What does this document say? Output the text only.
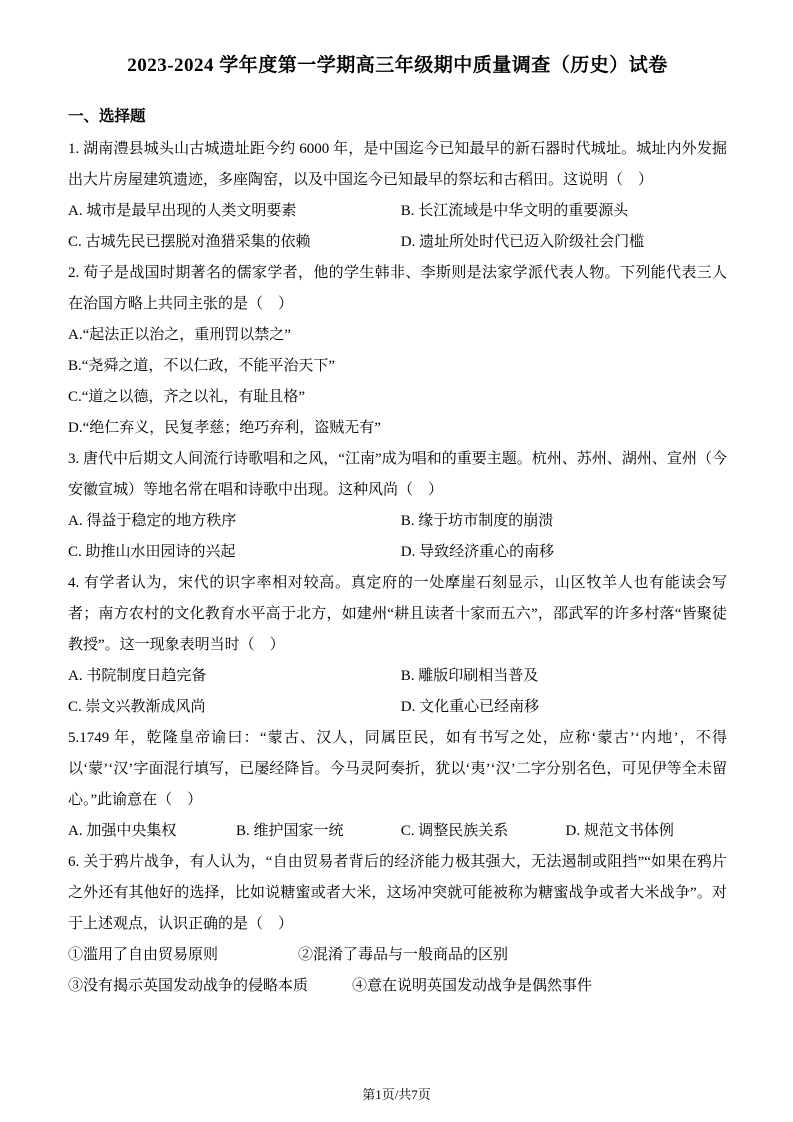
2023-2024 学年度第一学期高三年级期中质量调查（历史）试卷
一、选择题

1. 湖南澧县城头山古城遗址距今约 6000 年，是中国迄今已知最早的新石器时代城址。城址内外发掘出大片房屋建筑遗迹，多座陶窑，以及中国迄今已知最早的祭坛和古稻田。这说明（　）

A. 城市是最早出现的人类文明要素	B. 长江流域是中华文明的重要源头
C. 古城先民已摆脱对渔猎采集的依赖	D. 遗址所处时代已迈入阶级社会门槛

2. 荀子是战国时期著名的儒家学者，他的学生韩非、李斯则是法家学派代表人物。下列能代表三人在治国方略上共同主张的是（　）

A.“起法正以治之，重刑罚以禁之”
B.“尧舜之道，不以仁政，不能平治天下”
C.“道之以德，齐之以礼，有耻且格”
D.“绝仁弃义，民复孝慈；绝巧弃利，盗贼无有”

3. 唐代中后期文人间流行诗歌唱和之风，“江南”成为唱和的重要主题。杭州、苏州、湖州、宣州（今安徽宣城）等地名常在唱和诗歌中出现。这种风尚（　）

A. 得益于稳定的地方秩序	B. 缘于坊市制度的崩溃
C. 助推山水田园诗的兴起	D. 导致经济重心的南移

4. 有学者认为，宋代的识字率相对较高。真定府的一处摩崖石刻显示，山区牧羊人也有能读会写者；南方农村的文化教育水平高于北方，如建州“耕且读者十家而五六”，邵武军的许多村落“皆聚徒教授”。这一现象表明当时（　）

A. 书院制度日趋完备	B. 雕版印刷相当普及
C. 崇文兴教渐成风尚	D. 文化重心已经南移

5.1749 年，乾隆皇帝谕曰：“蒙古、汉人，同属臣民，如有书写之处，应称‘蒙古’‘内地’，不得以‘蒙’‘汉’字面混行填写，已屡经降旨。今马灵阿奏折，犹以‘夷’‘汉’二字分别名色，可见伊等全未留心。”此谕意在（　）

A. 加强中央集权	B. 维护国家一统	C. 调整民族关系	D. 规范文书体例

6. 关于鸦片战争，有人认为，“自由贸易者背后的经济能力极其强大，无法遏制或阻挡”“如果在鸦片之外还有其他好的选择，比如说糖蜜或者大米，这场冲突就可能被称为糖蜜战争或者大米战争”。对于上述观点，认识正确的是（　）

①滥用了自由贸易原则	②混淆了毒品与一般商品的区别
③没有揭示英国发动战争的侵略本质	④意在说明英国发动战争是偶然事件
第1页/共7页
